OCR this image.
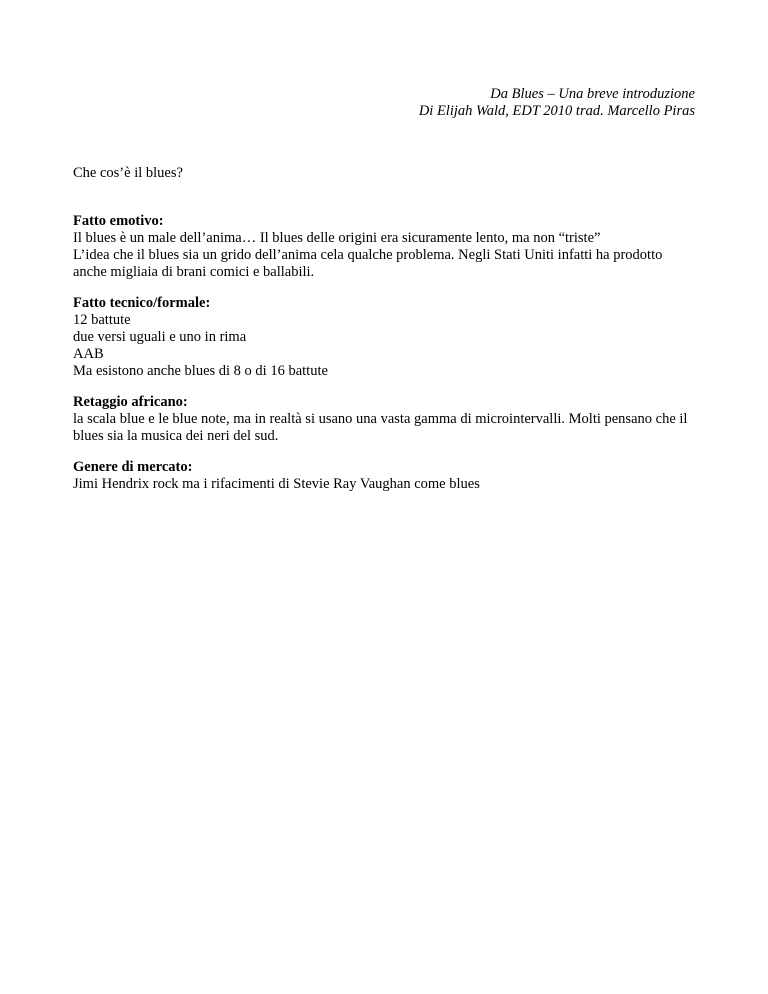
Da Blues – Una breve introduzione
Di Elijah Wald, EDT 2010 trad. Marcello Piras
Che cos’è il blues?
Fatto emotivo:
Il blues è un male dell’anima… Il blues delle origini era sicuramente lento, ma non “triste”
L’idea che il blues sia un grido dell’anima cela qualche problema. Negli Stati Uniti infatti ha prodotto anche migliaia di brani comici e ballabili.
Fatto tecnico/formale:
12 battute
due versi uguali e uno in rima
AAB
Ma esistono anche blues di 8 o di 16 battute
Retaggio africano:
la scala blue e le blue note, ma in realtà si usano una vasta gamma di microintervalli. Molti pensano che il blues sia la musica dei neri del sud.
Genere di mercato:
Jimi Hendrix rock ma i rifacimenti di Stevie Ray Vaughan come blues
